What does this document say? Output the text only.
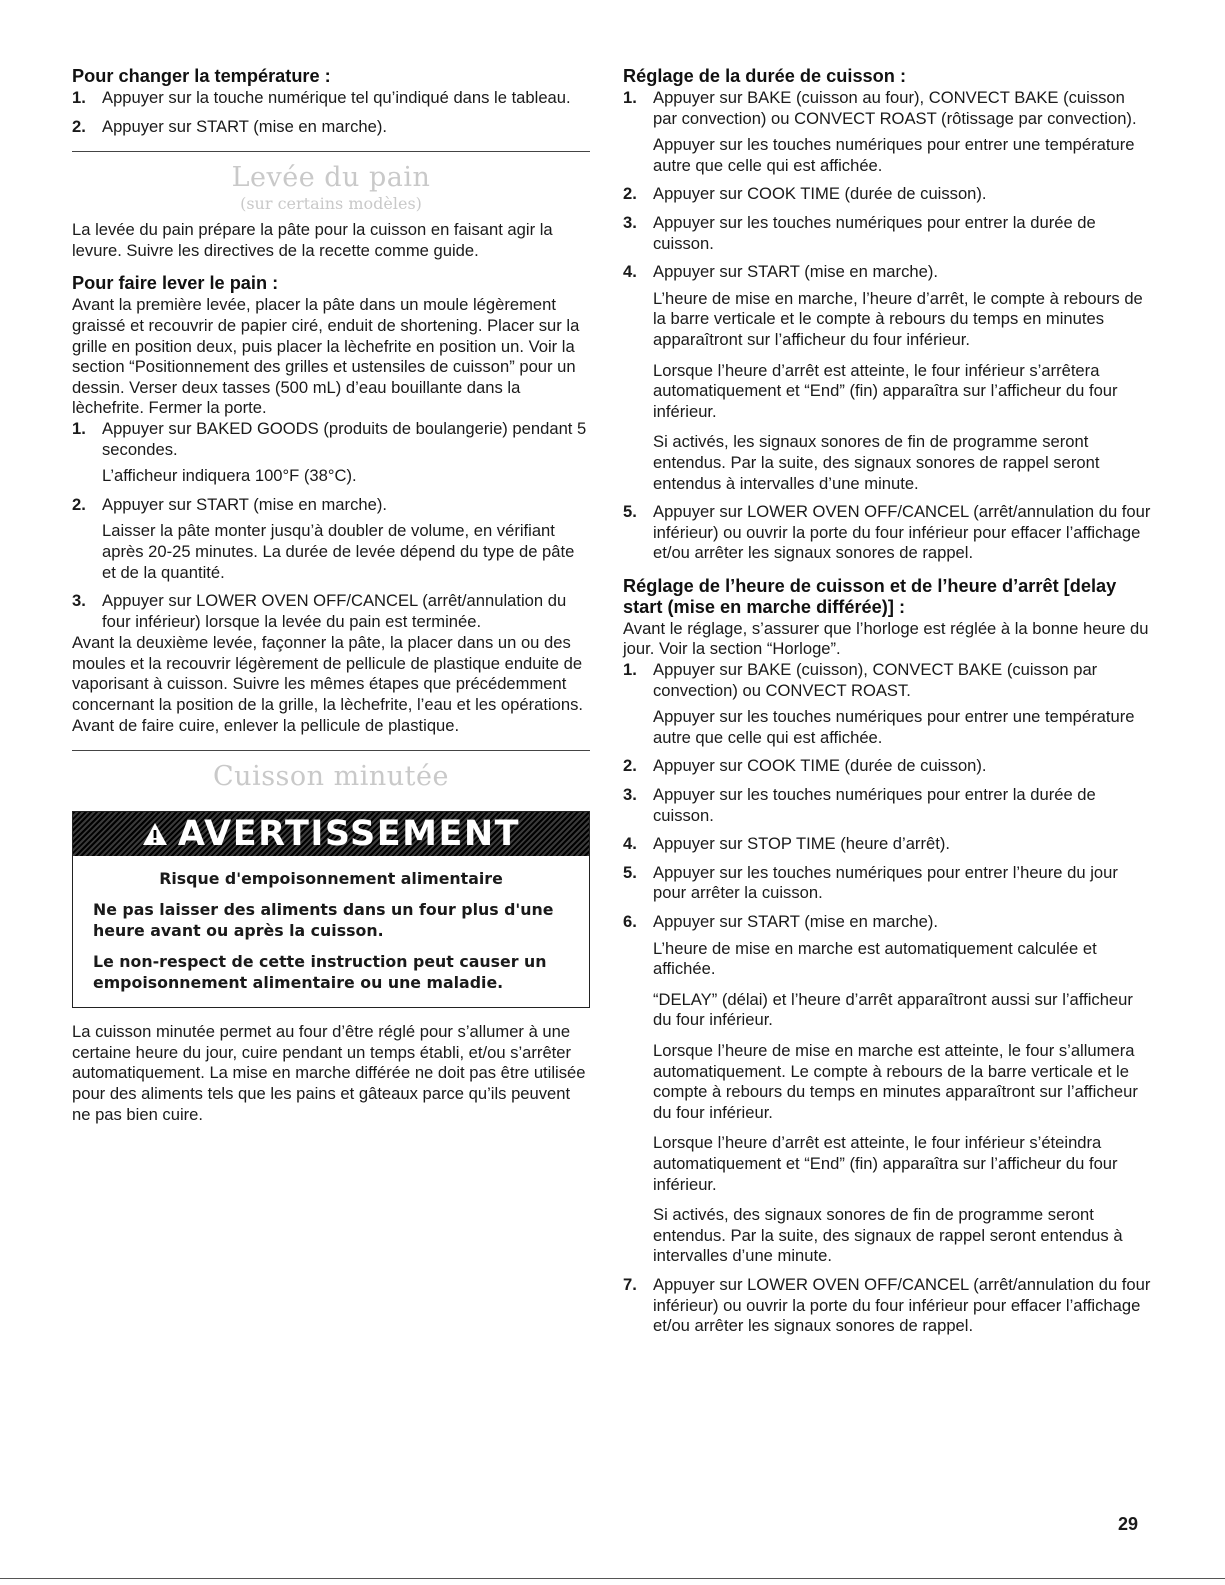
Pour changer la température :
1. Appuyer sur la touche numérique tel qu’indiqué dans le tableau.
2. Appuyer sur START (mise en marche).
Levée du pain
(sur certains modèles)

La levée du pain prépare la pâte pour la cuisson en faisant agir la levure. Suivre les directives de la recette comme guide.

Pour faire lever le pain :

Avant la première levée, placer la pâte dans un moule légèrement graissé et recouvrir de papier ciré, enduit de shortening. Placer sur la grille en position deux, puis placer la lèchefrite en position un. Voir la section “Positionnement des grilles et ustensiles de cuisson” pour un dessin. Verser deux tasses (500 mL) d’eau bouillante dans la lèchefrite. Fermer la porte.

1. Appuyer sur BAKED GOODS (produits de boulangerie) pendant 5 secondes.
L’afficheur indiquera 100°F (38°C).
2. Appuyer sur START (mise en marche).
Laisser la pâte monter jusqu’à doubler de volume, en vérifiant après 20-25 minutes. La durée de levée dépend du type de pâte et de la quantité.
3. Appuyer sur LOWER OVEN OFF/CANCEL (arrêt/annulation du four inférieur) lorsque la levée du pain est terminée.

Avant la deuxième levée, façonner la pâte, la placer dans un ou des moules et la recouvrir légèrement de pellicule de plastique enduite de vaporisant à cuisson. Suivre les mêmes étapes que précédemment concernant la position de la grille, la lèchefrite, l’eau et les opérations. Avant de faire cuire, enlever la pellicule de plastique.

Cuisson minutée
AVERTISSEMENT
Risque d'empoisonnement alimentaire
Ne pas laisser des aliments dans un four plus d'une heure avant ou après la cuisson.
Le non-respect de cette instruction peut causer un empoisonnement alimentaire ou une maladie.

La cuisson minutée permet au four d’être réglé pour s’allumer à une certaine heure du jour, cuire pendant un temps établi, et/ou s’arrêter automatiquement. La mise en marche différée ne doit pas être utilisée pour des aliments tels que les pains et gâteaux parce qu’ils peuvent ne pas bien cuire.

Réglage de la durée de cuisson :
1. Appuyer sur BAKE (cuisson au four), CONVECT BAKE (cuisson par convection) ou CONVECT ROAST (rôtissage par convection).
Appuyer sur les touches numériques pour entrer une température autre que celle qui est affichée.
2. Appuyer sur COOK TIME (durée de cuisson).
3. Appuyer sur les touches numériques pour entrer la durée de cuisson.
4. Appuyer sur START (mise en marche).
L’heure de mise en marche, l’heure d’arrêt, le compte à rebours de la barre verticale et le compte à rebours du temps en minutes apparaîtront sur l’afficheur du four inférieur.
Lorsque l’heure d’arrêt est atteinte, le four inférieur s’arrêtera automatiquement et “End” (fin) apparaîtra sur l’afficheur du four inférieur.
Si activés, les signaux sonores de fin de programme seront entendus. Par la suite, des signaux sonores de rappel seront entendus à intervalles d’une minute.
5. Appuyer sur LOWER OVEN OFF/CANCEL (arrêt/annulation du four inférieur) ou ouvrir la porte du four inférieur pour effacer l’affichage et/ou arrêter les signaux sonores de rappel.
Réglage de l’heure de cuisson et de l’heure d’arrêt [delay start (mise en marche différée)] :

Avant le réglage, s’assurer que l’horloge est réglée à la bonne heure du jour. Voir la section “Horloge”.

1. Appuyer sur BAKE (cuisson), CONVECT BAKE (cuisson par convection) ou CONVECT ROAST.
Appuyer sur les touches numériques pour entrer une température autre que celle qui est affichée.
2. Appuyer sur COOK TIME (durée de cuisson).
3. Appuyer sur les touches numériques pour entrer la durée de cuisson.
4. Appuyer sur STOP TIME (heure d’arrêt).
5. Appuyer sur les touches numériques pour entrer l’heure du jour pour arrêter la cuisson.
6. Appuyer sur START (mise en marche).
L’heure de mise en marche est automatiquement calculée et affichée.
“DELAY” (délai) et l’heure d’arrêt apparaîtront aussi sur l’afficheur du four inférieur.
Lorsque l’heure de mise en marche est atteinte, le four s’allumera automatiquement. Le compte à rebours de la barre verticale et le compte à rebours du temps en minutes apparaîtront sur l’afficheur du four inférieur.
Lorsque l’heure d’arrêt est atteinte, le four inférieur s’éteindra automatiquement et “End” (fin) apparaîtra sur l’afficheur du four inférieur.
Si activés, des signaux sonores de fin de programme seront entendus. Par la suite, des signaux de rappel seront entendus à intervalles d’une minute.
7. Appuyer sur LOWER OVEN OFF/CANCEL (arrêt/annulation du four inférieur) ou ouvrir la porte du four inférieur pour effacer l’affichage et/ou arrêter les signaux sonores de rappel.
29
